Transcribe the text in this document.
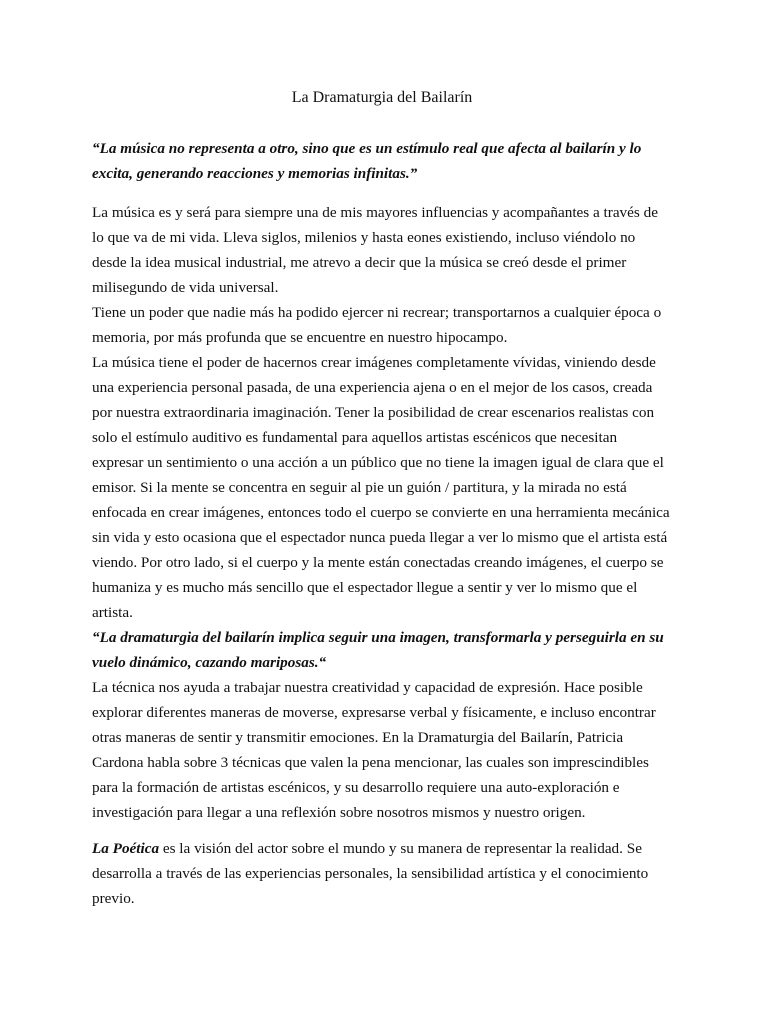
La Dramaturgia del Bailarín

“La música no representa a otro, sino que es un estímulo real que afecta al bailarín y lo excita, generando reacciones y memorias infinitas.”

La música es y será para siempre una de mis mayores influencias y acompañantes a través de lo que va de mi vida. Lleva siglos, milenios y hasta eones existiendo, incluso viéndolo no desde la idea musical industrial, me atrevo a decir que la música se creó desde el primer milisegundo de vida universal.

Tiene un poder que nadie más ha podido ejercer ni recrear; transportarnos a cualquier época o memoria, por más profunda que se encuentre en nuestro hipocampo.

La música tiene el poder de hacernos crear imágenes completamente vívidas, viniendo desde una experiencia personal pasada, de una experiencia ajena o en el mejor de los casos, creada por nuestra extraordinaria imaginación. Tener la posibilidad de crear escenarios realistas con solo el estímulo auditivo es fundamental para aquellos artistas escénicos que necesitan expresar un sentimiento o una acción a un público que no tiene la imagen igual de clara que el emisor. Si la mente se concentra en seguir al pie un guión / partitura, y la mirada no está enfocada en crear imágenes, entonces todo el cuerpo se convierte en una herramienta mecánica sin vida y esto ocasiona que el espectador nunca pueda llegar a ver lo mismo que el artista está viendo. Por otro lado, si el cuerpo y la mente están conectadas creando imágenes, el cuerpo se humaniza y es mucho más sencillo que el espectador llegue a sentir y ver lo mismo que el artista.

“La dramaturgia del bailarín implica seguir una imagen, transformarla y perseguirla en su vuelo dinámico, cazando mariposas.“

La técnica nos ayuda a trabajar nuestra creatividad y capacidad de expresión. Hace posible explorar diferentes maneras de moverse, expresarse verbal y físicamente, e incluso encontrar otras maneras de sentir y transmitir emociones. En la Dramaturgia del Bailarín, Patricia Cardona habla sobre 3 técnicas que valen la pena mencionar, las cuales son imprescindibles para la formación de artistas escénicos, y su desarrollo requiere una auto-exploración e investigación para llegar a una reflexión sobre nosotros mismos y nuestro origen.

La Poética es la visión del actor sobre el mundo y su manera de representar la realidad. Se desarrolla a través de las experiencias personales, la sensibilidad artística y el conocimiento previo.
